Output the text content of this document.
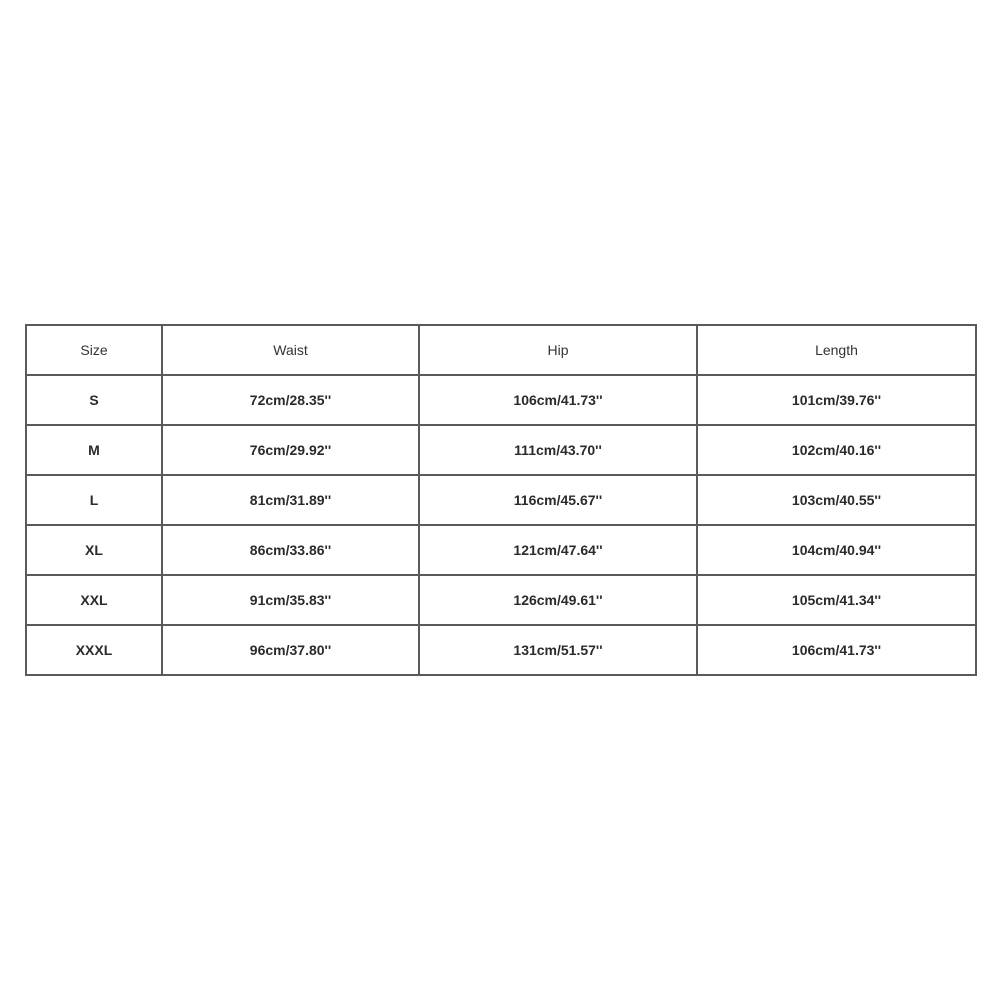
Size	Waist	Hip	Length
S	72cm/28.35''	106cm/41.73''	101cm/39.76''
M	76cm/29.92''	111cm/43.70''	102cm/40.16''
L	81cm/31.89''	116cm/45.67''	103cm/40.55''
XL	86cm/33.86''	121cm/47.64''	104cm/40.94''
XXL	91cm/35.83''	126cm/49.61''	105cm/41.34''
XXXL	96cm/37.80''	131cm/51.57''	106cm/41.73''
